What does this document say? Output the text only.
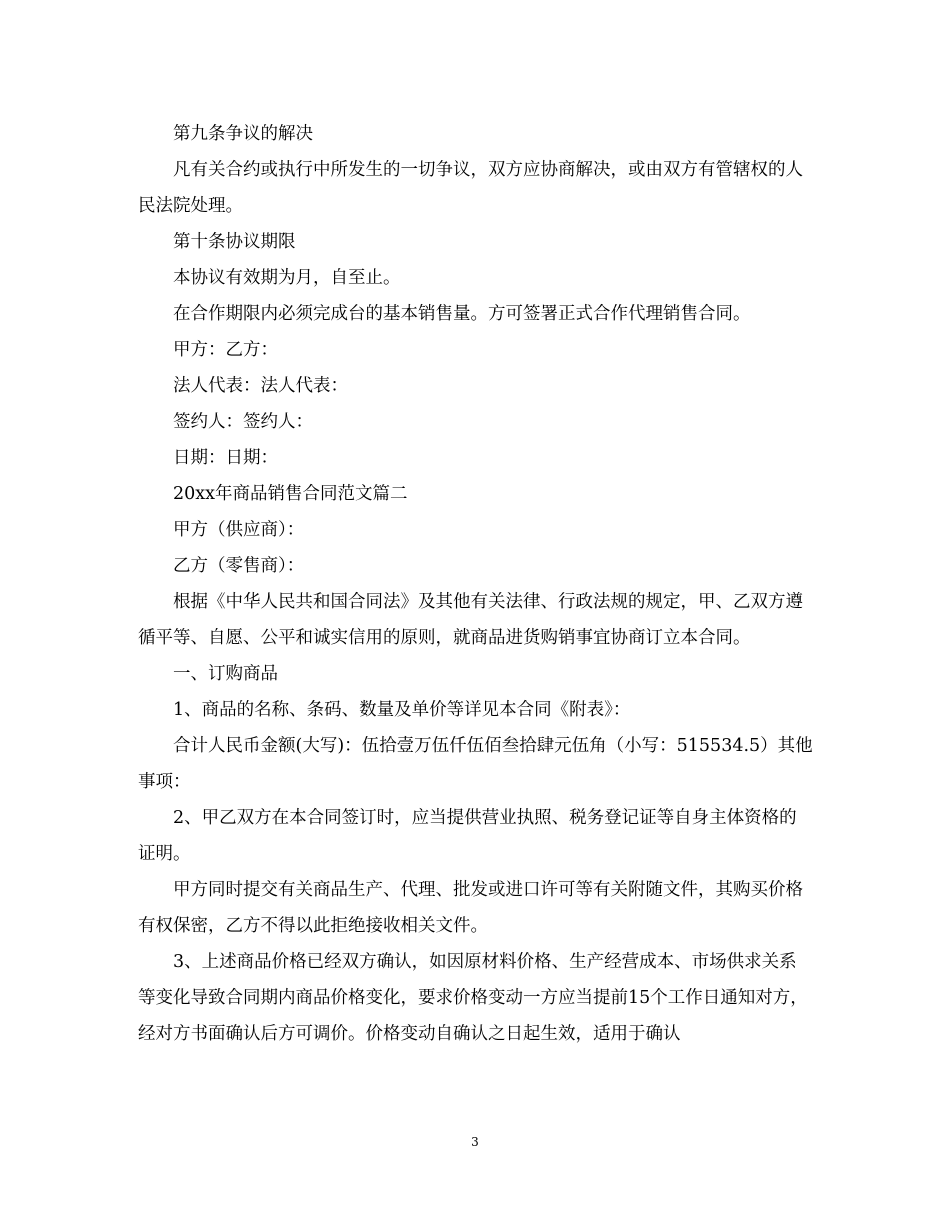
第九条争议的解决

凡有关合约或执行中所发生的一切争议，双方应协商解决，或由双方有管辖权的人民法院处理。

第十条协议期限

本协议有效期为月，自至止。

在合作期限内必须完成台的基本销售量。方可签署正式合作代理销售合同。

甲方：乙方：

法人代表：法人代表：

签约人：签约人：

日期：日期：

20xx年商品销售合同范文篇二

甲方（供应商）：

乙方（零售商）：

根据《中华人民共和国合同法》及其他有关法律、行政法规的规定，甲、乙双方遵循平等、自愿、公平和诚实信用的原则，就商品进货购销事宜协商订立本合同。

一、订购商品

1、商品的名称、条码、数量及单价等详见本合同《附表》：

合计人民币金额(大写)：伍拾壹万伍仟伍佰叁拾肆元伍角（小写：515534.5）其他事项：

2、甲乙双方在本合同签订时，应当提供营业执照、税务登记证等自身主体资格的证明。

甲方同时提交有关商品生产、代理、批发或进口许可等有关附随文件，其购买价格有权保密，乙方不得以此拒绝接收相关文件。

3、上述商品价格已经双方确认，如因原材料价格、生产经营成本、市场供求关系等变化导致合同期内商品价格变化，要求价格变动一方应当提前15个工作日通知对方，经对方书面确认后方可调价。价格变动自确认之日起生效，适用于确认

3
